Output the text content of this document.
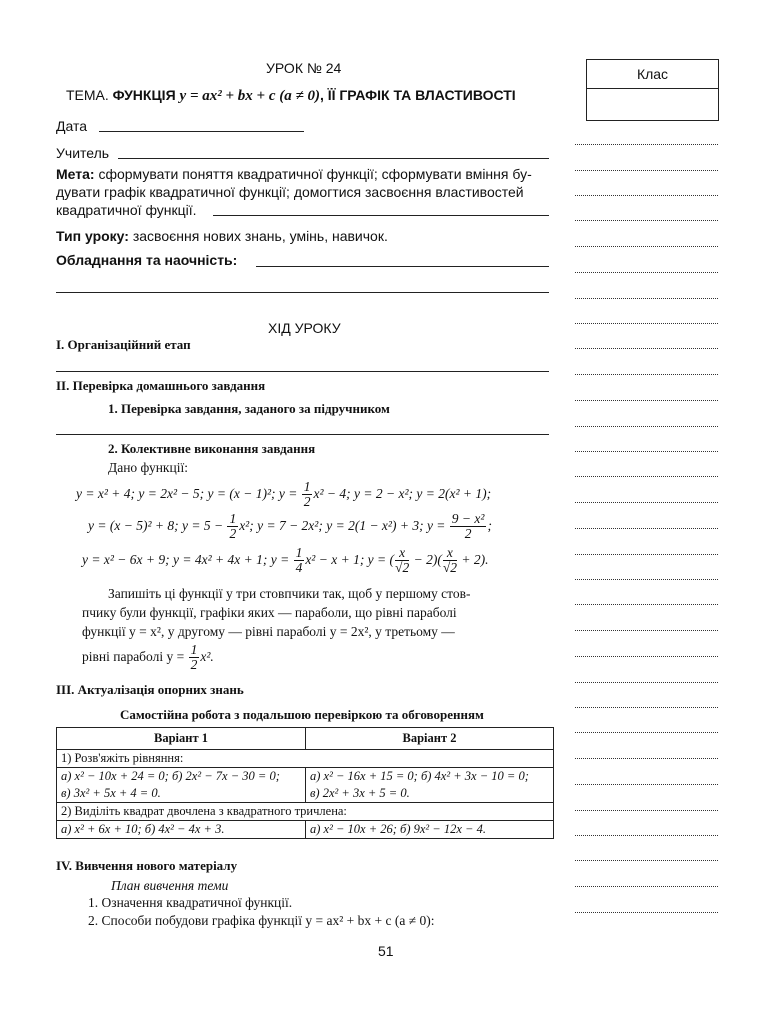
УРОК № 24	Клас
ТЕМА. ФУНКЦІЯ y = ax² + bx + c (a ≠ 0), ЇЇ ГРАФІК ТА ВЛАСТИВОСТІ
Дата
Учитель
Мета: сформувати поняття квадратичної функції; сформувати вміння бу-
дувати графік квадратичної функції; домогтися засвоєння властивостей
квадратичної функції.
Тип уроку: засвоєння нових знань, умінь, навичок.
Обладнання та наочність:
ХІД УРОКУ
I. Організаційний етап
II. Перевірка домашнього завдання
1. Перевірка завдання, заданого за підручником
2. Колективне виконання завдання
Дано функції:
y = x² + 4; y = 2x² − 5; y = (x − 1)²; $y = \frac{1}{2} x^2 - 4$; y = 2 − x²; y = 2(x² + 1);
y = (x − 5)² + 8; $y = 5 - \frac{1}{2} x^2$; y = 7 − 2x²; y = 2(1 − x²) + 3; $y = \frac{\text{9 − x²}}{2}$ ;
y = x² − 6x + 9; y = 4x² + 4x + 1; $y = \frac{1}{4} x^2 - x + 1$; y = ( $\frac{x}{√2} - 2)( \frac{x}{√2} + 2)$.
Запишіть ці функції у три стовпчики так, щоб у першому стов-
пчику були функції, графіки яких — параболи, що рівні параболі
функції y = x², у другому — рівні параболі y = 2x², у третьому —
рівні параболі $y = \frac{1}{2} x^2$.
III. Актуалізація опорних знань
Самостійна робота з подальшою перевіркою та обговоренням
Варіант 1	Варіант 2
1) Розв'яжіть рівняння:	
а) x² − 10x + 24 = 0; б) 2x² − 7x − 30 = 0;	а) x² − 16x + 15 = 0; б) 4x² + 3x − 10 = 0;
в) 3x² + 5x + 4 = 0.	в) 2x² + 3x + 5 = 0.
2) Виділіть квадрат двочлена з квадратного тричлена:	
а) x² + 6x + 10; б) 4x² − 4x + 3.	а) x² − 10x + 26; б) 9x² − 12x − 4.
IV. Вивчення нового матеріалу
План вивчення теми
1. Означення квадратичної функції.
2. Способи побудови графіка функції y = ax² + bx + c (a ≠ 0):
51
